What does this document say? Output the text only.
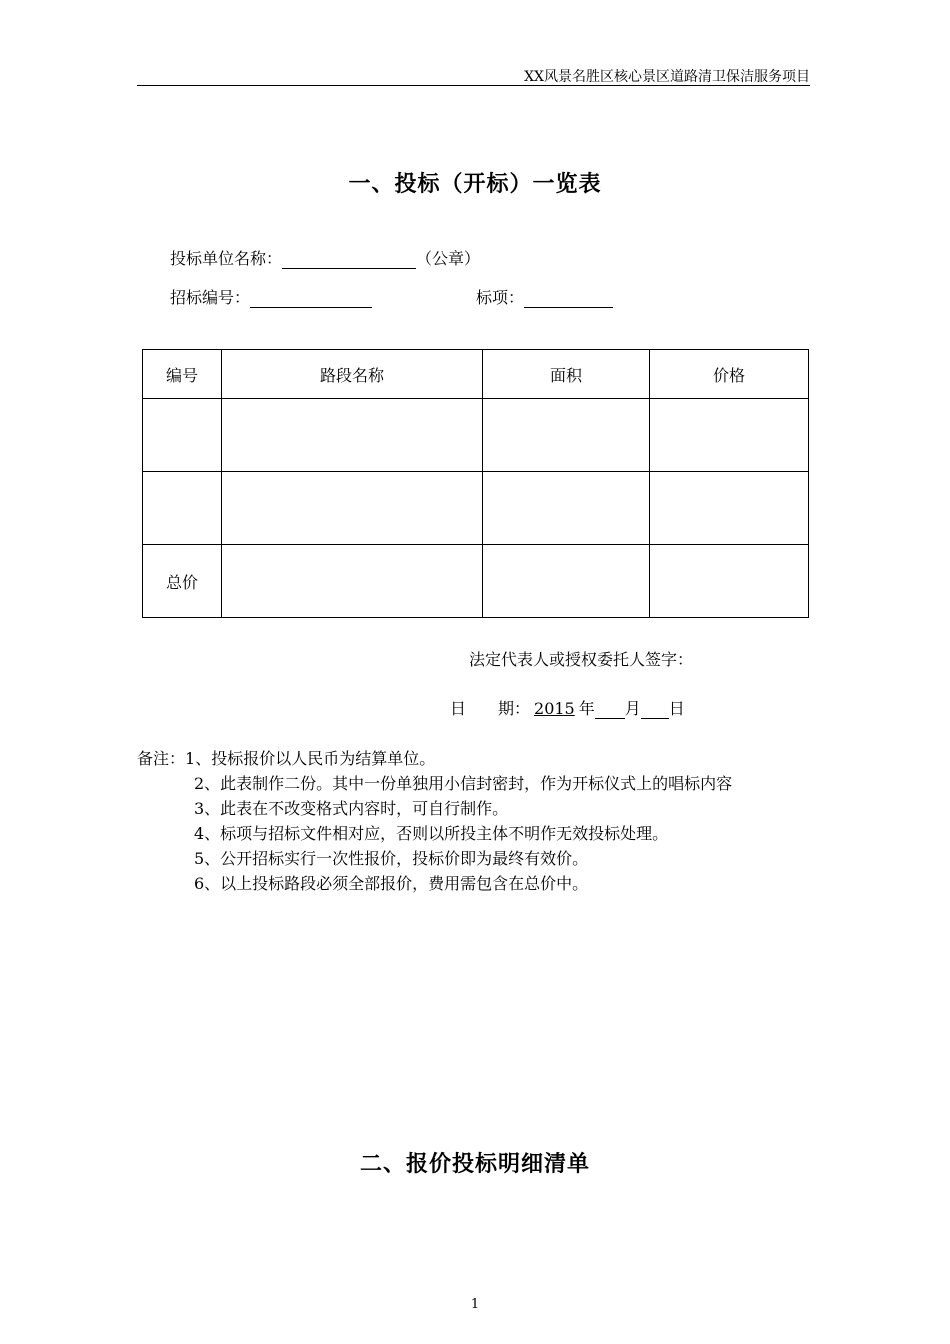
XX风景名胜区核心景区道路清卫保洁服务项目
一、投标（开标）一览表
投标单位名称：	（公章）
招标编号：	标项：
编号	路段名称	面积	价格

总价			
法定代表人或授权委托人签字：
日　　期： 2015 年 月 日
备注：1、投标报价以人民币为结算单位。
2、此表制作二份。其中一份单独用小信封密封，作为开标仪式上的唱标内容
3、此表在不改变格式内容时，可自行制作。
4、标项与招标文件相对应，否则以所投主体不明作无效投标处理。
5、公开招标实行一次性报价，投标价即为最终有效价。
6、以上投标路段必须全部报价，费用需包含在总价中。
二、报价投标明细清单
1
